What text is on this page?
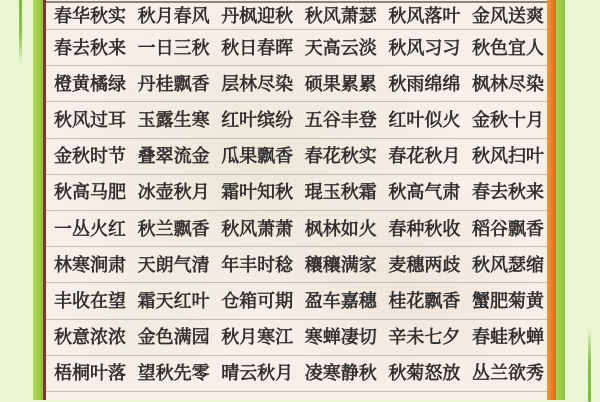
春华秋实 秋月春风 丹枫迎秋 秋风萧瑟 秋风落叶 金风送爽
春去秋来 一日三秋 秋日春晖 天高云淡 秋风习习 秋色宜人
橙黄橘绿 丹桂飘香 层林尽染 硕果累累 秋雨绵绵 枫林尽染
秋风过耳 玉露生寒 红叶缤纷 五谷丰登 红叶似火 金秋十月
金秋时节 叠翠流金 瓜果飘香 春花秋实 春花秋月 秋风扫叶
秋高马肥 冰壶秋月 霜叶知秋 琨玉秋霜 秋高气肃 春去秋来
一丛火红 秋兰飘香 秋风萧萧 枫林如火 春种秋收 稻谷飘香
林寒涧肃 天朗气清 年丰时稔 穰穰满家 麦穗两歧 秋风瑟缩
丰收在望 霜天红叶 仓箱可期 盈车嘉穗 桂花飘香 蟹肥菊黄
秋意浓浓 金色满园 秋月寒江 寒蝉凄切 辛未七夕 春蛙秋蝉
梧桐叶落 望秋先零 晴云秋月 凌寒静秋 秋菊怒放 丛兰欲秀
